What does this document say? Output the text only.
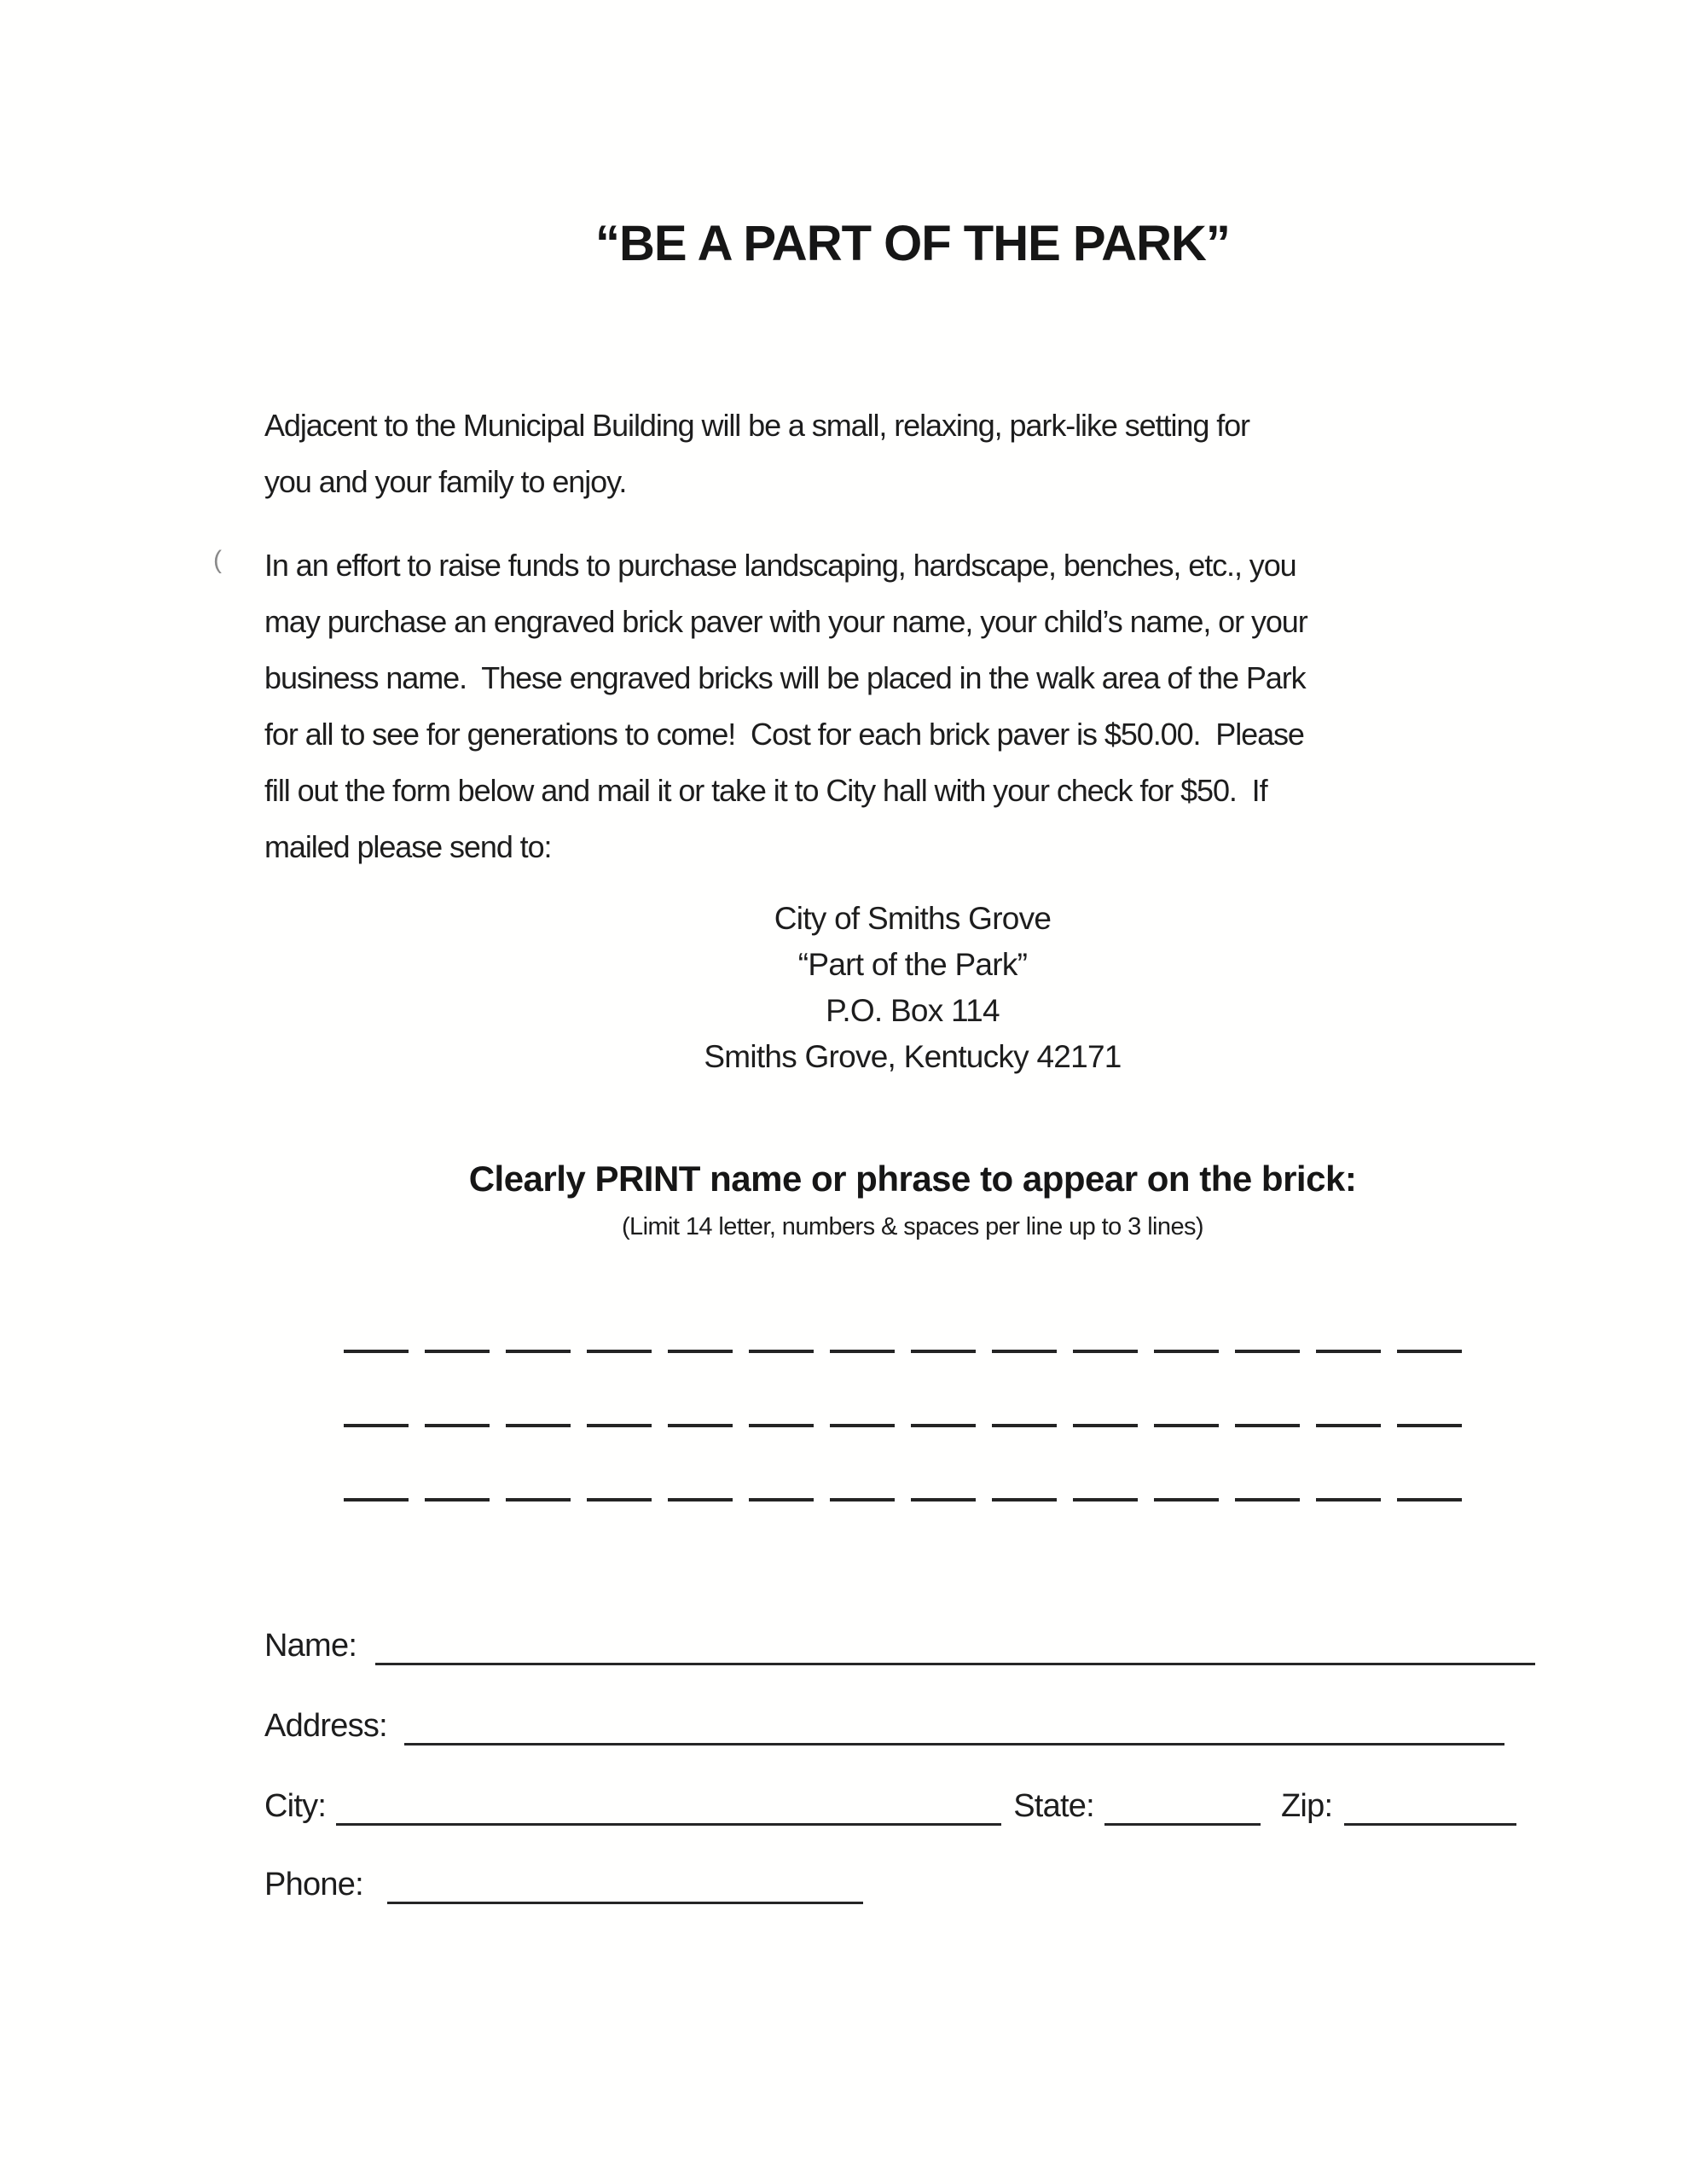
(
“BE A PART OF THE PARK”
Adjacent to the Municipal Building will be a small, relaxing, park-like setting for
you and your family to enjoy.
In an effort to raise funds to purchase landscaping, hardscape, benches, etc., you
may purchase an engraved brick paver with your name, your child’s name, or your
business name.  These engraved bricks will be placed in the walk area of the Park
for all to see for generations to come!  Cost for each brick paver is $50.00.  Please
fill out the form below and mail it or take it to City hall with your check for $50.  If
mailed please send to:
City of Smiths Grove
“Part of the Park”
P.O. Box 114
Smiths Grove, Kentucky 42171
Clearly PRINT name or phrase to appear on the brick:
(Limit 14 letter, numbers & spaces per line up to 3 lines)
Name:
Address:
City:	State:	Zip:
Phone:
